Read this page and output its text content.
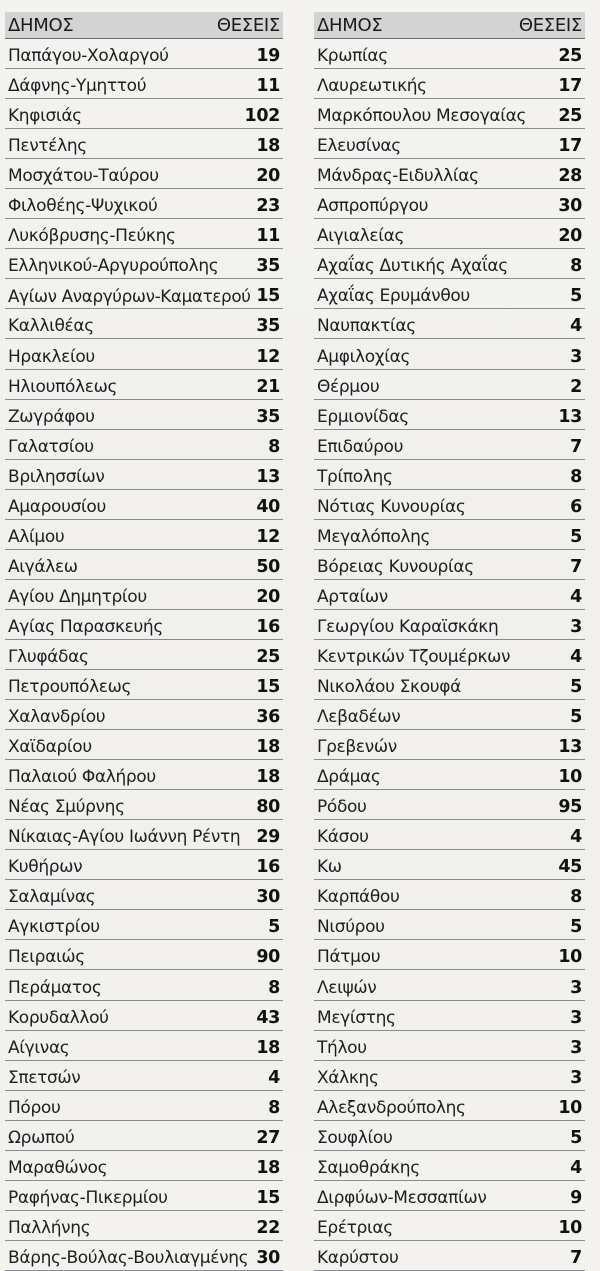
ΔΗΜΟΣ	ΘΕΣΕΙΣ
Παπάγου-Χολαργού	19
Δάφνης-Υμηττού	11
Κηφισιάς	102
Πεντέλης	18
Μοσχάτου-Ταύρου	20
Φιλοθέης-Ψυχικού	23
Λυκόβρυσης-Πεύκης	11
Ελληνικού-Αργυρούπολης 35
Αγίων Αναργύρων-Καματερού 15
Καλλιθέας	35
Ηρακλείου	12
Ηλιουπόλεως	21
Ζωγράφου	35
Γαλατσίου	8
Βριλησσίων	13
Αμαρουσίου	40
Αλίμου	12
Αιγάλεω	50
Αγίου Δημητρίου	20
Αγίας Παρασκευής	16
Γλυφάδας	25
Πετρουπόλεως	15
Χαλανδρίου	36
Χαϊδαρίου	18
Παλαιού Φαλήρου	18
Νέας Σμύρνης	80
Νίκαιας-Αγίου Ιωάννη Ρέντη 29
Κυθήρων	16
Σαλαμίνας	30
Αγκιστρίου	5
Πειραιώς	90
Περάματος	8
Κορυδαλλού	43
Αίγινας	18
Σπετσών	4
Πόρου	8
Ωρωπού	27
Μαραθώνος	18
Ραφήνας-Πικερμίου	15
Παλλήνης	22
Βάρης-Βούλας-Βουλιαγμένης 30
ΔΗΜΟΣ	ΘΕΣΕΙΣ
Κρωπίας	25
Λαυρεωτικής	17
Μαρκόπουλου Μεσογαίας 25
Ελευσίνας	17
Μάνδρας-Ειδυλλίας	28
Ασπροπύργου	30
Αιγιαλείας	20
Αχαΐας Δυτικής Αχαΐας	8
Αχαΐας Ερυμάνθου	5
Ναυπακτίας	4
Αμφιλοχίας	3
Θέρμου	2
Ερμιονίδας	13
Επιδαύρου	7
Τρίπολης	8
Νότιας Κυνουρίας	6
Μεγαλόπολης	5
Βόρειας Κυνουρίας	7
Αρταίων	4
Γεωργίου Καραϊσκάκη	3
Κεντρικών Τζουμέρκων	4
Νικολάου Σκουφά	5
Λεβαδέων	5
Γρεβενών	13
Δράμας	10
Ρόδου	95
Κάσου	4
Κω	45
Καρπάθου	8
Νισύρου	5
Πάτμου	10
Λειψών	3
Μεγίστης	3
Τήλου	3
Χάλκης	3
Αλεξανδρούπολης	10
Σουφλίου	5
Σαμοθράκης	4
Διρφύων-Μεσσαπίων	9
Ερέτριας	10
Καρύστου	7
